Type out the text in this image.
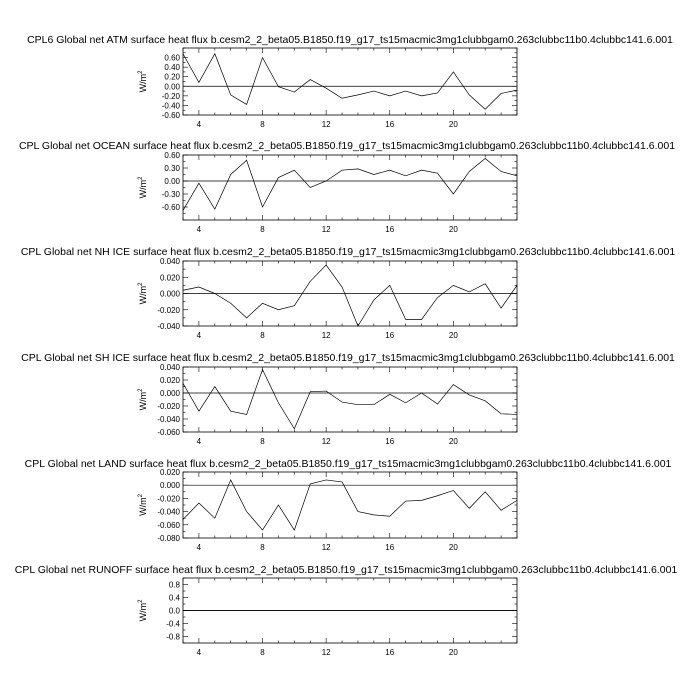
CPL6 Global net ATM surface heat flux b.cesm2_2_beta05.B1850.f19_g17_ts15macmic3mg1clubbgam0.263clubbc11b0.4clubbc141.6.001
4	8	12	16	20
0.60
0.40
0.20
0.00
-0.20
-0.40
-0.60
$W/m^2$
CPL Global net OCEAN surface heat flux b.cesm2_2_beta05.B1850.f19_g17_ts15macmic3mg1clubbgam0.263clubbc11b0.4clubbc141.6.001
4	8	12	16	20
0.60
0.30
0.00
-0.30
-0.60
$W/m^2$
CPL Global net NH ICE surface heat flux b.cesm2_2_beta05.B1850.f19_g17_ts15macmic3mg1clubbgam0.263clubbc11b0.4clubbc141.6.001
4	8	12	16	20
0.040
0.020
0.000
-0.020
-0.040
$W/m^2$
CPL Global net SH ICE surface heat flux b.cesm2_2_beta05.B1850.f19_g17_ts15macmic3mg1clubbgam0.263clubbc11b0.4clubbc141.6.001
4	8	12	16	20
0.040
0.020
0.000
-0.020
-0.040
-0.060
$W/m^2$
CPL Global net LAND surface heat flux b.cesm2_2_beta05.B1850.f19_g17_ts15macmic3mg1clubbgam0.263clubbc11b0.4clubbc141.6.001
4	8	12	16	20
0.020
0.000
-0.020
-0.040
-0.060
-0.080
$W/m^2$
CPL Global net RUNOFF surface heat flux b.cesm2_2_beta05.B1850.f19_g17_ts15macmic3mg1clubbgam0.263clubbc11b0.4clubbc141.6.001
4	8	12	16	20
0.8
0.4
0.0
-0.4
-0.8
$W/m^2$
